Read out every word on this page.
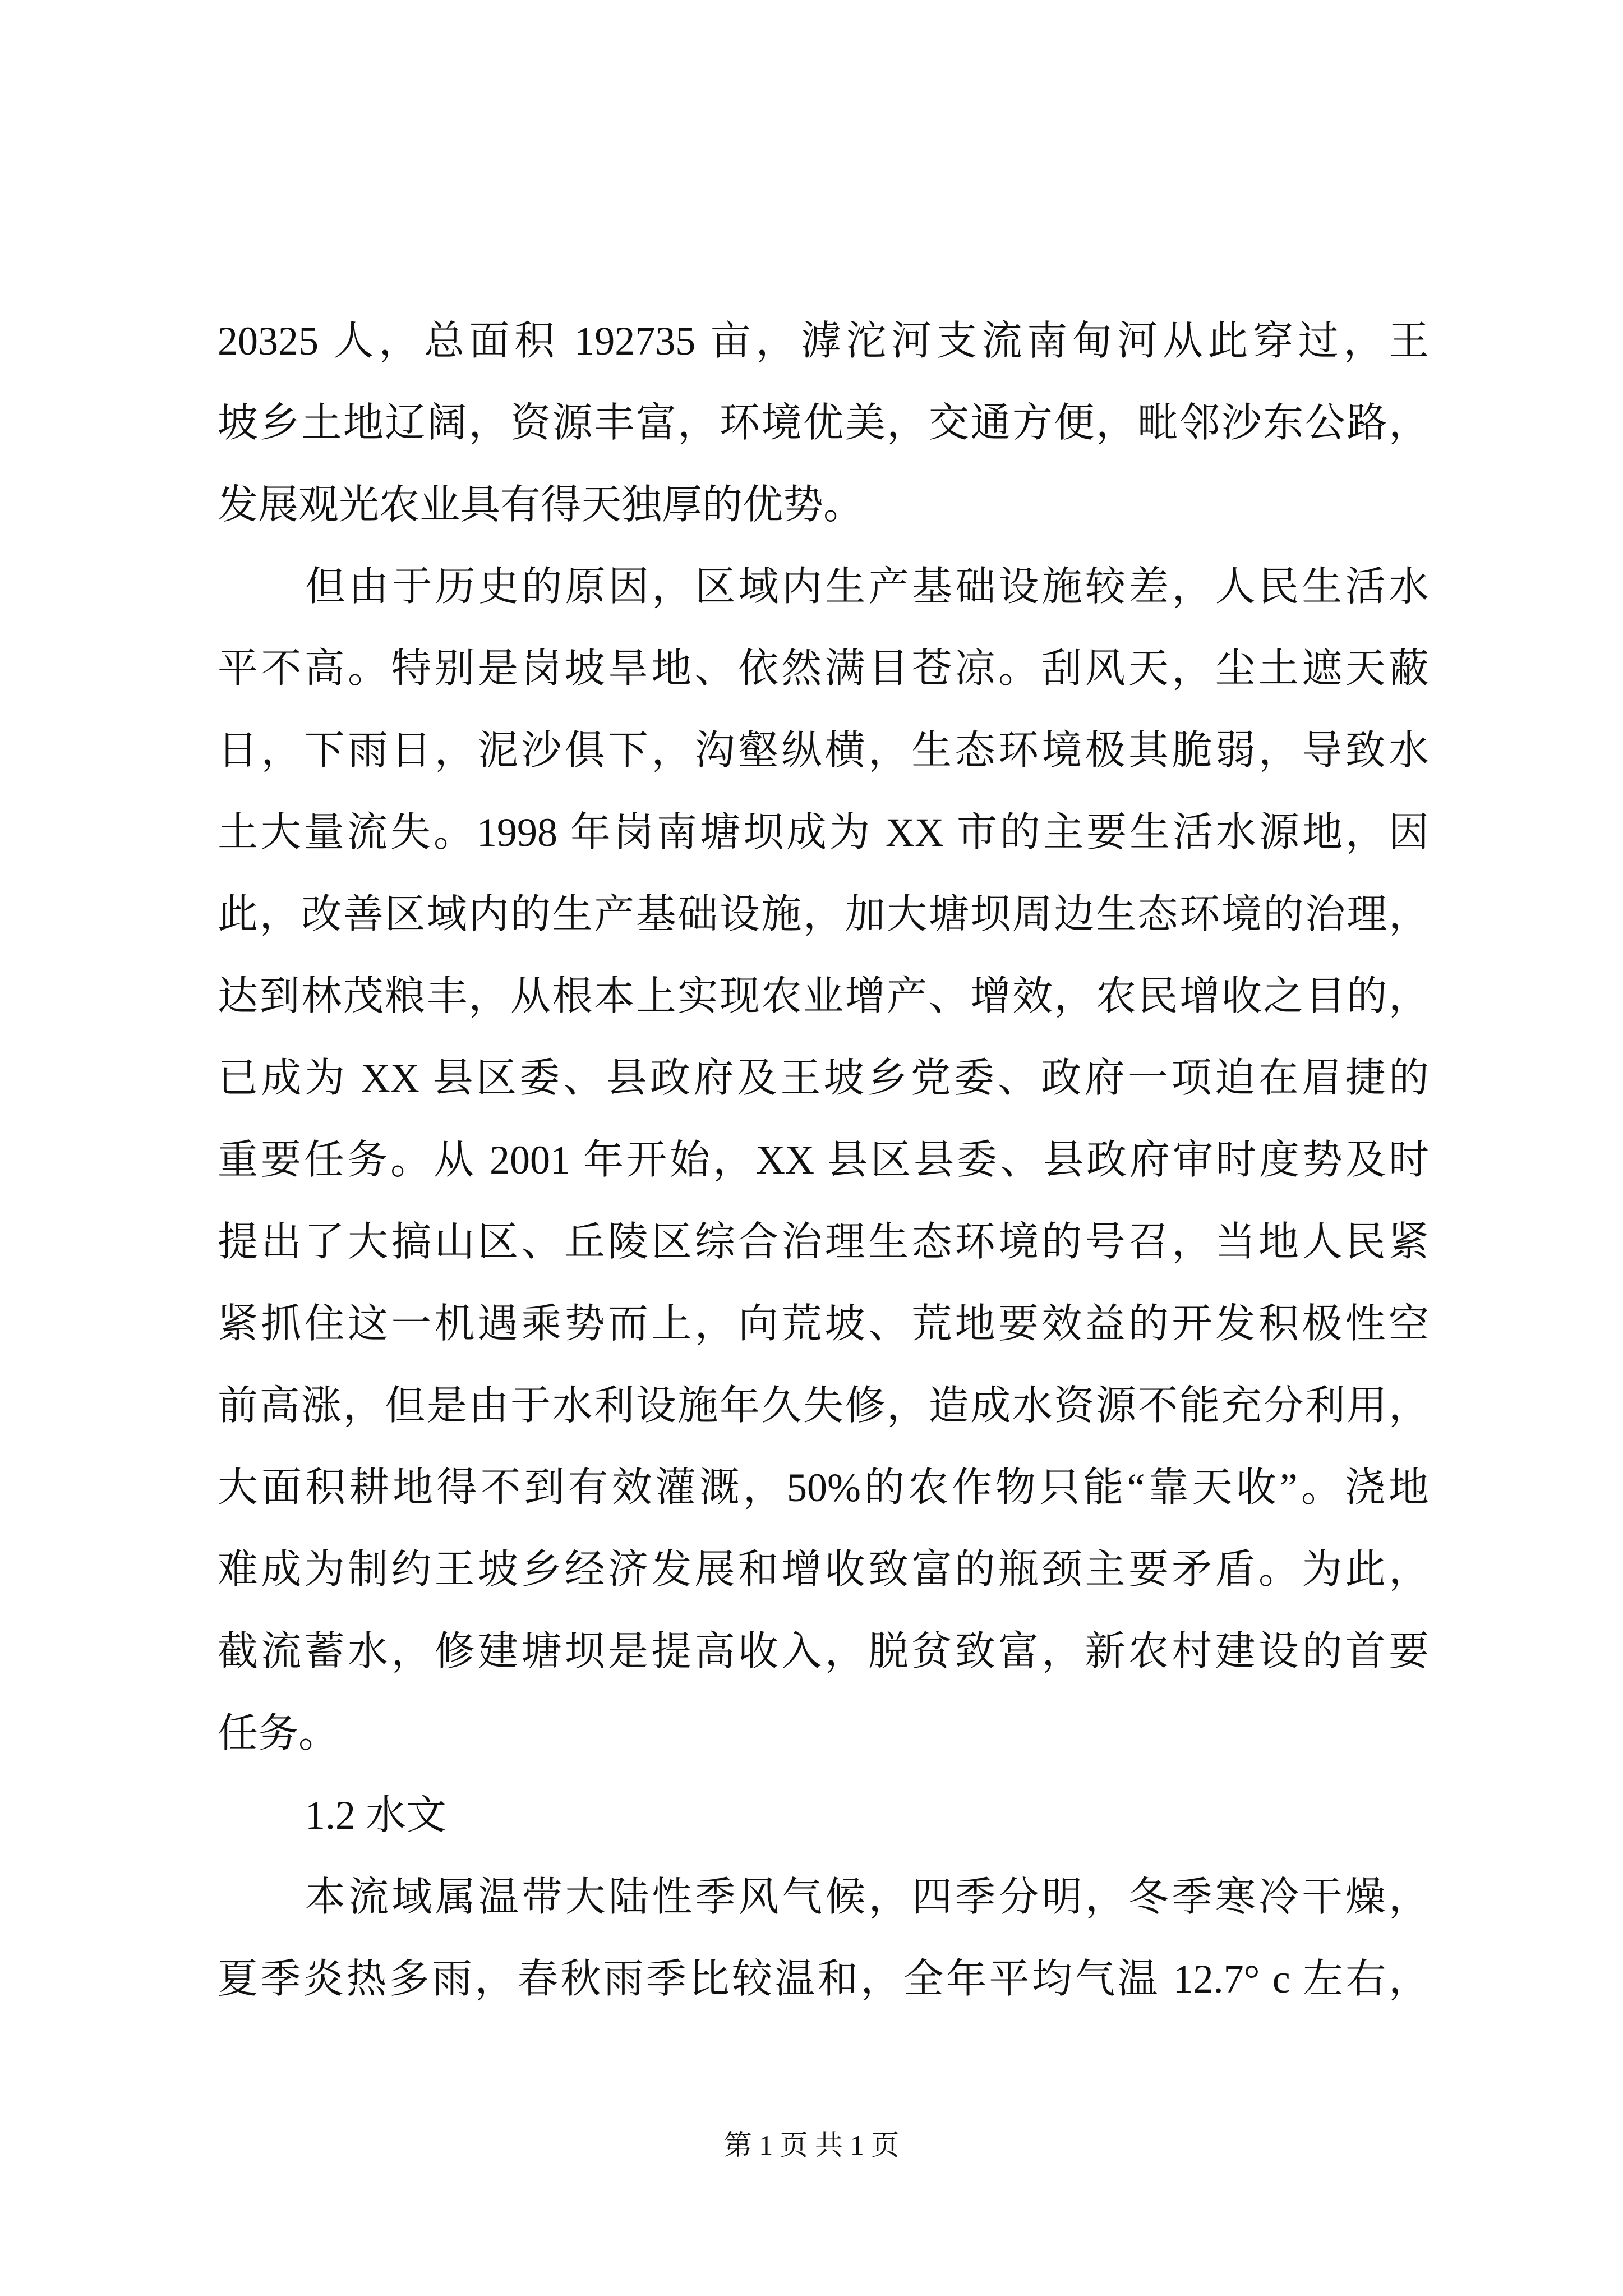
20325 人，总面积 192735 亩，滹沱河支流南甸河从此穿过，王
坡乡土地辽阔，资源丰富，环境优美，交通方便，毗邻沙东公路，
发展观光农业具有得天独厚的优势。
但由于历史的原因，区域内生产基础设施较差，人民生活水
平不高。特别是岗坡旱地、依然满目苍凉。刮风天，尘土遮天蔽
日，下雨日，泥沙俱下，沟壑纵横，生态环境极其脆弱，导致水
土大量流失。1998 年岗南塘坝成为 XX 市的主要生活水源地，因
此，改善区域内的生产基础设施，加大塘坝周边生态环境的治理，
达到林茂粮丰，从根本上实现农业增产、增效，农民增收之目的，
已成为 XX 县区委、县政府及王坡乡党委、政府一项迫在眉捷的
重要任务。从 2001 年开始，XX 县区县委、县政府审时度势及时
提出了大搞山区、丘陵区综合治理生态环境的号召，当地人民紧
紧抓住这一机遇乘势而上，向荒坡、荒地要效益的开发积极性空
前高涨，但是由于水利设施年久失修，造成水资源不能充分利用，
大面积耕地得不到有效灌溉，50%的农作物只能“靠天收”。浇地
难成为制约王坡乡经济发展和增收致富的瓶颈主要矛盾。为此，
截流蓄水，修建塘坝是提高收入，脱贫致富，新农村建设的首要
任务。
1.2 水文
本流域属温带大陆性季风气候，四季分明，冬季寒冷干燥，
夏季炎热多雨，春秋雨季比较温和，全年平均气温 12.7° c 左右，
第 1 页 共 1 页
